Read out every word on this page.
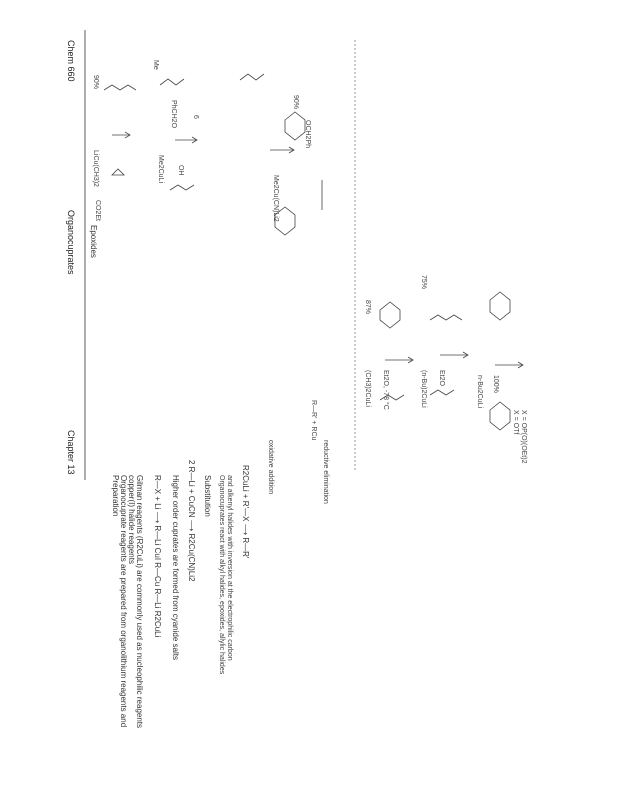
Chapter 13
Organocuprates
Chem 660
Preparation Organocuprate reagents are prepared from organolithium reagents and copper(I) halide reagents Gilman reagents (R2CuLi) are commonly used as nucleophilic reagents R—X + Li ⟶ R—Li CuI R—Cu R—Li R2CuLi Higher order cuprates are formed from cyanide salts 2 R—Li + CuCN ⟶ R2Cu(CN)Li2 Substitution Organocuprates react with alkyl halides, epoxides, allylic halides and alkenyl halides with inversion at the electrophilic carbon R2CuLi + R'—X ⟶ R—R' oxidative addition	reductive elimination
R—R' + RCu
(CH3)2CuLi Et2O, -78 °C
87%
(n-Bu)2CuLi Et2O
75%
n-Bu2CuLi 100%
X = OTf X = OP(O)(OEt)2
Epoxides
LiCu(CH3)2
90%
CO2Et
Me2CuLi OH
6
Me
PhCH2O
Me2Cu(CN)Li2
90%
OCH2Ph
